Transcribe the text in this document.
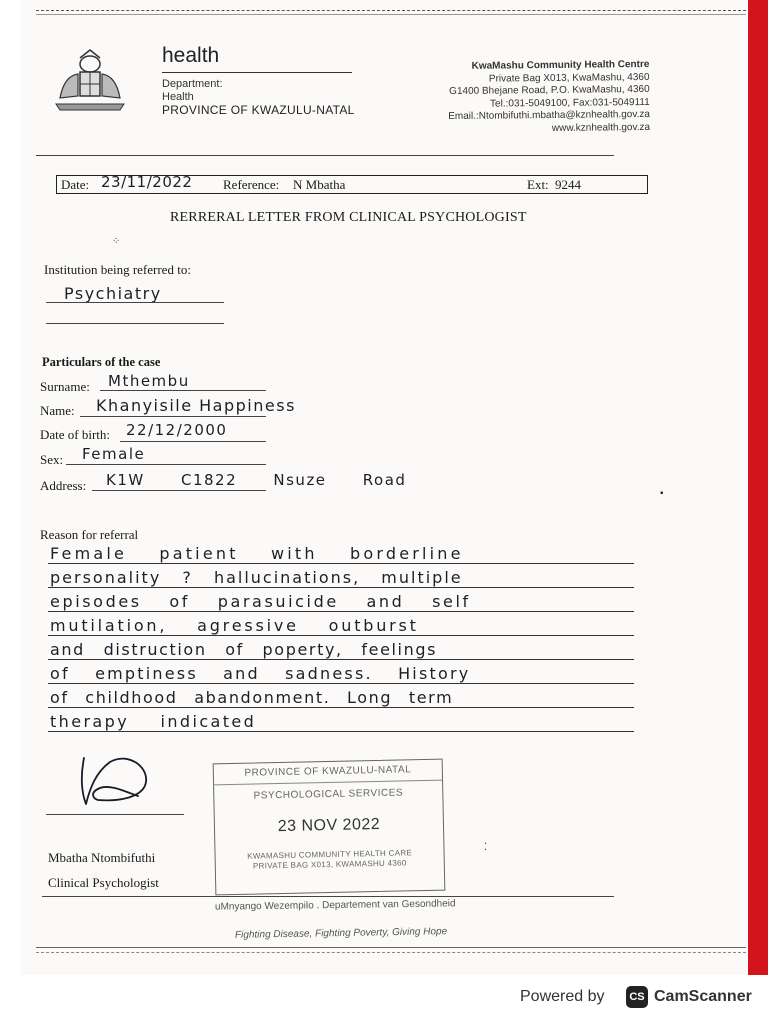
health
Department:
Health
PROVINCE OF KWAZULU-NATAL
KwaMashu Community Health Centre
Private Bag X013, KwaMashu, 4360
G1400 Bhejane Road, P.O. KwaMashu, 4360
Tel.:031-5049100, Fax:031-5049111
Email.:Ntombifuthi.mbatha@kznhealth.gov.za
www.kznhealth.gov.za
Date: 23/11/2022 Reference: N Mbatha	Ext: 9244
RERRERAL LETTER FROM CLINICAL PSYCHOLOGIST
⁘
Institution being referred to:
Psychiatry
Particulars of the case
Surname: Mthembu
Name: Khanyisile Happiness
Date of birth: 22/12/2000
Sex: Female
Address: K1W C1822 Nsuze Road
▪
Reason for referral
Female patient with borderline
personality ? hallucinations, multiple
episodes of parasuicide and self
mutilation, agressive outburst
and distruction of poperty, feelings
of emptiness and sadness. History
of childhood abandonment. Long term
therapy indicated
Mbatha Ntombifuthi
Clinical Psychologist
PROVINCE OF KWAZULU-NATAL
PSYCHOLOGICAL SERVICES
23 NOV 2022
KWAMASHU COMMUNITY HEALTH CARE
PRIVATE BAG X013, KWAMASHU 4360
⁚
uMnyango Wezempilo . Departement van Gesondheid
Fighting Disease, Fighting Poverty, Giving Hope
Powered by	CS CamScanner
